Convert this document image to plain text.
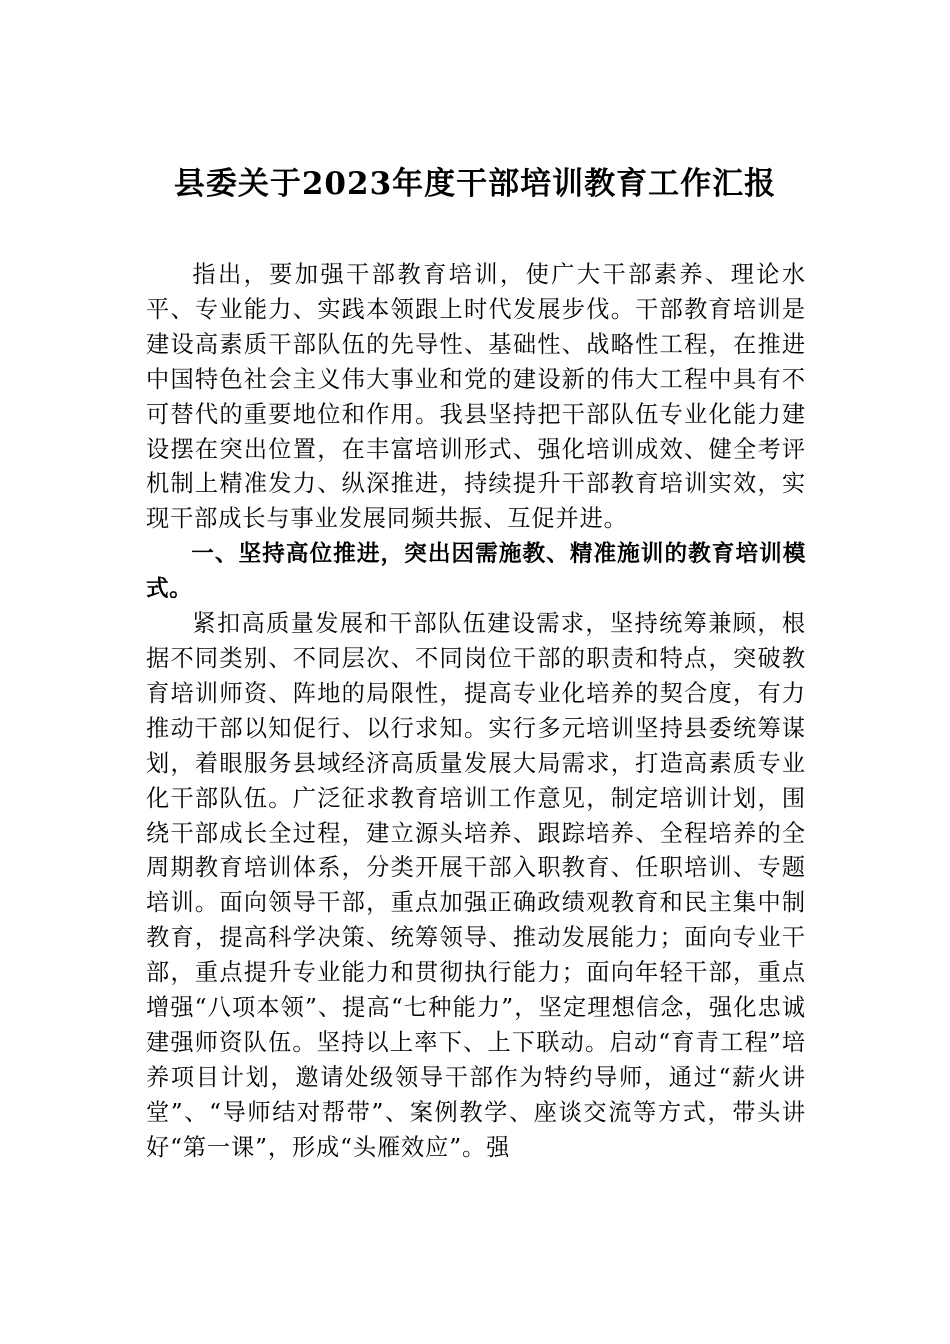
县委关于2023年度干部培训教育工作汇报

指出，要加强干部教育培训，使广大干部素养、理论水平、专业能力、实践本领跟上时代发展步伐。干部教育培训是建设高素质干部队伍的先导性、基础性、战略性工程，在推进中国特色社会主义伟大事业和党的建设新的伟大工程中具有不可替代的重要地位和作用。我县坚持把干部队伍专业化能力建设摆在突出位置，在丰富培训形式、强化培训成效、健全考评机制上精准发力、纵深推进，持续提升干部教育培训实效，实现干部成长与事业发展同频共振、互促并进。

一、坚持高位推进，突出因需施教、精准施训的教育培训模式。

紧扣高质量发展和干部队伍建设需求，坚持统筹兼顾，根据不同类别、不同层次、不同岗位干部的职责和特点，突破教育培训师资、阵地的局限性，提高专业化培养的契合度，有力推动干部以知促行、以行求知。实行多元培训坚持县委统筹谋划，着眼服务县域经济高质量发展大局需求，打造高素质专业化干部队伍。广泛征求教育培训工作意见，制定培训计划，围绕干部成长全过程，建立源头培养、跟踪培养、全程培养的全周期教育培训体系，分类开展干部入职教育、任职培训、专题培训。面向领导干部，重点加强正确政绩观教育和民主集中制教育，提高科学决策、统筹领导、推动发展能力；面向专业干部，重点提升专业能力和贯彻执行能力；面向年轻干部，重点增强“八项本领”、提高“七种能力”，坚定理想信念，强化忠诚建强师资队伍。坚持以上率下、上下联动。启动“育青工程”培养项目计划，邀请处级领导干部作为特约导师，通过“薪火讲堂”、“导师结对帮带”、案例教学、座谈交流等方式，带头讲好“第一课”，形成“头雁效应”。强
